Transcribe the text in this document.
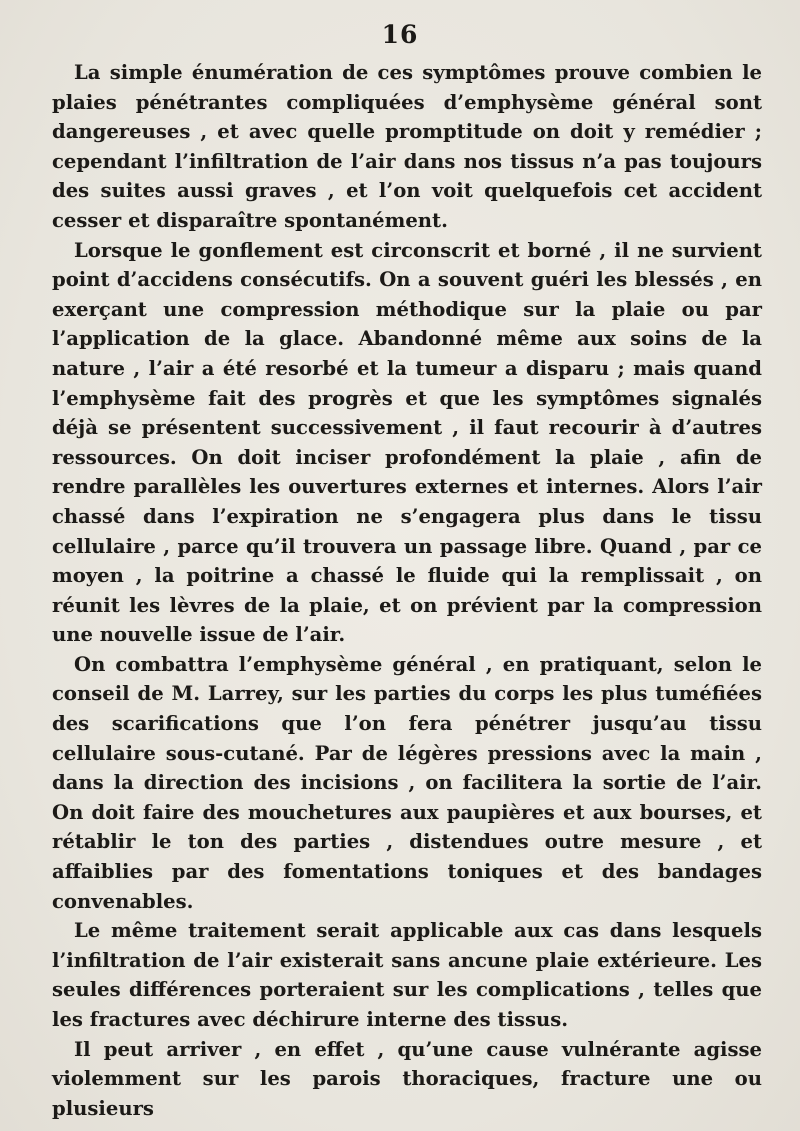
16

La simple énumération de ces symptômes prouve combien le plaies pénétrantes compliquées d’emphysème général sont dangereuses , et avec quelle promptitude on doit y remédier ; cependant l’infiltration de l’air dans nos tissus n’a pas toujours des suites aussi graves , et l’on voit quelquefois cet accident cesser et disparaître spontanément.

Lorsque le gonflement est circonscrit et borné , il ne survient point d’accidens consécutifs. On a souvent guéri les blessés , en exerçant une compression méthodique sur la plaie ou par l’application de la glace. Abandonné même aux soins de la nature , l’air a été resorbé et la tumeur a disparu ; mais quand l’emphysème fait des progrès et que les symptômes signalés déjà se présentent successivement , il faut recourir à d’autres ressources. On doit inciser profondément la plaie , afin de rendre parallèles les ouvertures externes et internes. Alors l’air chassé dans l’expiration ne s’engagera plus dans le tissu cellulaire , parce qu’il trouvera un passage libre. Quand , par ce moyen , la poitrine a chassé le fluide qui la remplissait , on réunit les lèvres de la plaie, et on prévient par la compression une nouvelle issue de l’air.

On combattra l’emphysème général , en pratiquant, selon le conseil de M. Larrey, sur les parties du corps les plus tuméfiées des scarifications que l’on fera pénétrer jusqu’au tissu cellulaire sous-cutané. Par de légères pressions avec la main , dans la direction des incisions , on facilitera la sortie de l’air. On doit faire des mouchetures aux paupières et aux bourses, et rétablir le ton des parties , distendues outre mesure , et affaiblies par des fomentations toniques et des bandages convenables.

Le même traitement serait applicable aux cas dans lesquels l’infiltration de l’air existerait sans ancune plaie extérieure. Les seules différences porteraient sur les complications , telles que les fractures avec déchirure interne des tissus.

Il peut arriver , en effet , qu’une cause vulnérante agisse violemment sur les parois thoraciques, fracture une ou plusieurs
